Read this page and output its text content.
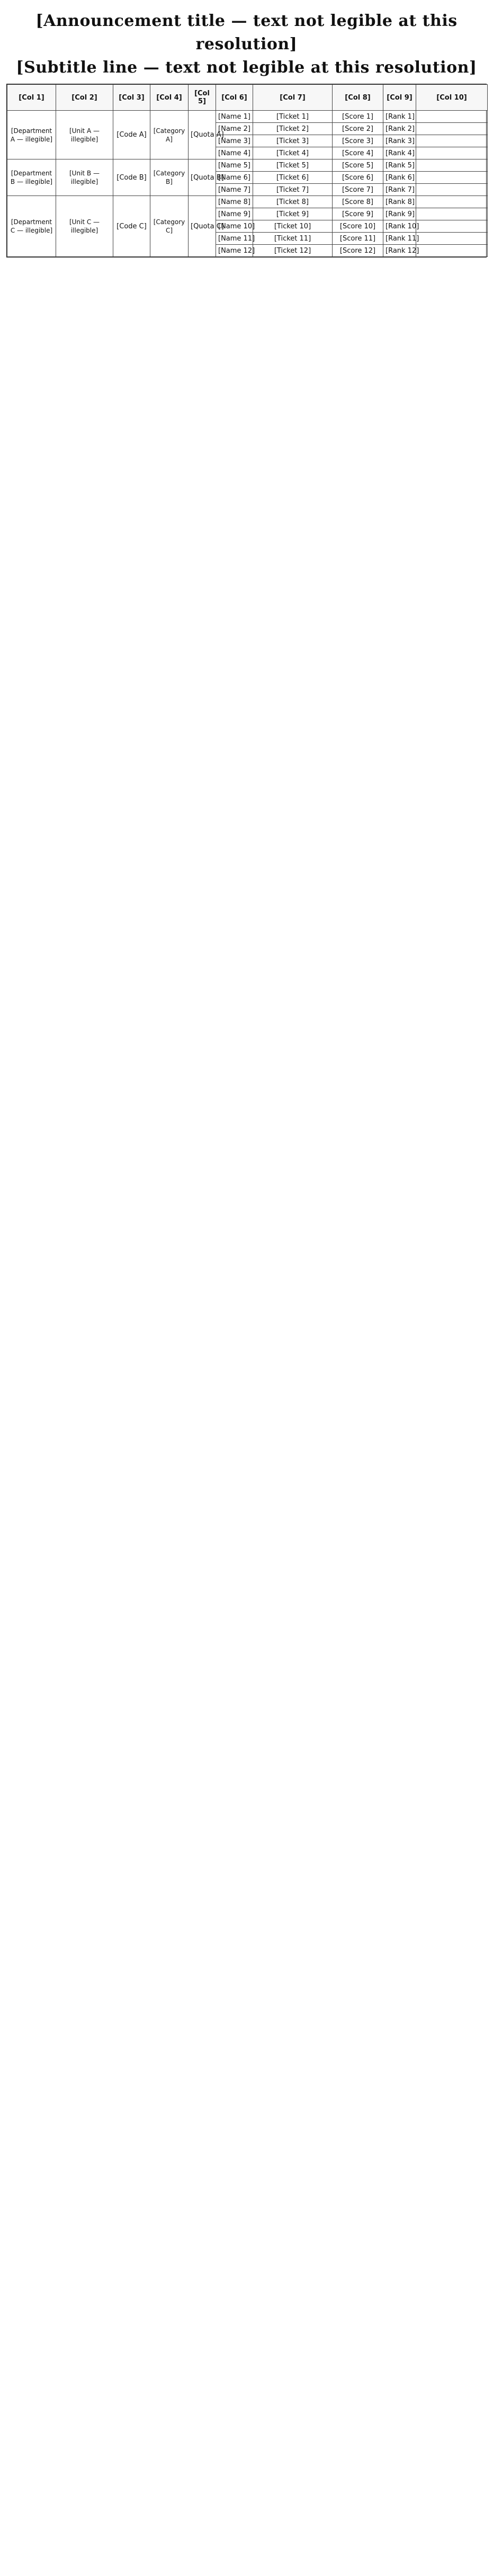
[Announcement title — text not legible at this resolution]
[Subtitle line — text not legible at this resolution]
[Col 1]	[Col 2]	[Col 3]	[Col 4]	[Col 5]	[Col 6]	[Col 7]	[Col 8]	[Col 9]	[Col 10]
[Department A — illegible]	[Unit A — illegible]	[Code A]	[Category A]	[Quota A]	[Name 1]	[Ticket 1]	[Score 1]	[Rank 1]	
					[Name 2]	[Ticket 2]	[Score 2]	[Rank 2]	
					[Name 3]	[Ticket 3]	[Score 3]	[Rank 3]	
					[Name 4]	[Ticket 4]	[Score 4]	[Rank 4]	
[Department B — illegible]	[Unit B — illegible]	[Code B]	[Category B]	[Quota B]	[Name 5]	[Ticket 5]	[Score 5]	[Rank 5]	
					[Name 6]	[Ticket 6]	[Score 6]	[Rank 6]	
					[Name 7]	[Ticket 7]	[Score 7]	[Rank 7]	
[Department C — illegible]	[Unit C — illegible]	[Code C]	[Category C]	[Quota C]	[Name 8]	[Ticket 8]	[Score 8]	[Rank 8]	
					[Name 9]	[Ticket 9]	[Score 9]	[Rank 9]	
					[Name 10]	[Ticket 10]	[Score 10]	[Rank 10]	
					[Name 11]	[Ticket 11]	[Score 11]	[Rank 11]	
					[Name 12]	[Ticket 12]	[Score 12]	[Rank 12]	
